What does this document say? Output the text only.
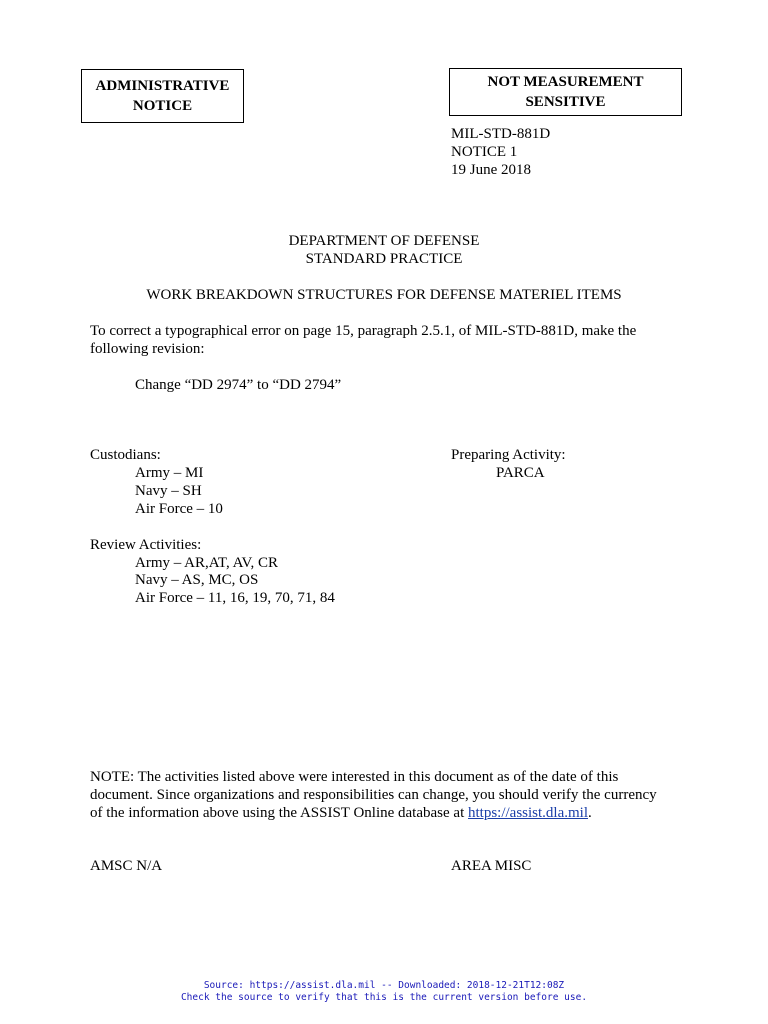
ADMINISTRATIVE
NOTICE
NOT MEASUREMENT
SENSITIVE
MIL-STD-881D
NOTICE 1
19 June 2018
DEPARTMENT OF DEFENSE
STANDARD PRACTICE
WORK BREAKDOWN STRUCTURES FOR DEFENSE MATERIEL ITEMS
To correct a typographical error on page 15, paragraph 2.5.1, of MIL-STD-881D, make the
following revision:
Change “DD 2974” to “DD 2794”
Custodians:
Army – MI
Navy – SH
Air Force – 10
Preparing Activity:
PARCA
Review Activities:
Army – AR,AT, AV, CR
Navy – AS, MC, OS
Air Force – 11, 16, 19, 70, 71, 84
NOTE: The activities listed above were interested in this document as of the date of this
document. Since organizations and responsibilities can change, you should verify the currency
of the information above using the ASSIST Online database at https://assist.dla.mil.
AMSC N/A	AREA MISC
Source: https://assist.dla.mil -- Downloaded: 2018-12-21T12:08Z
Check the source to verify that this is the current version before use.
